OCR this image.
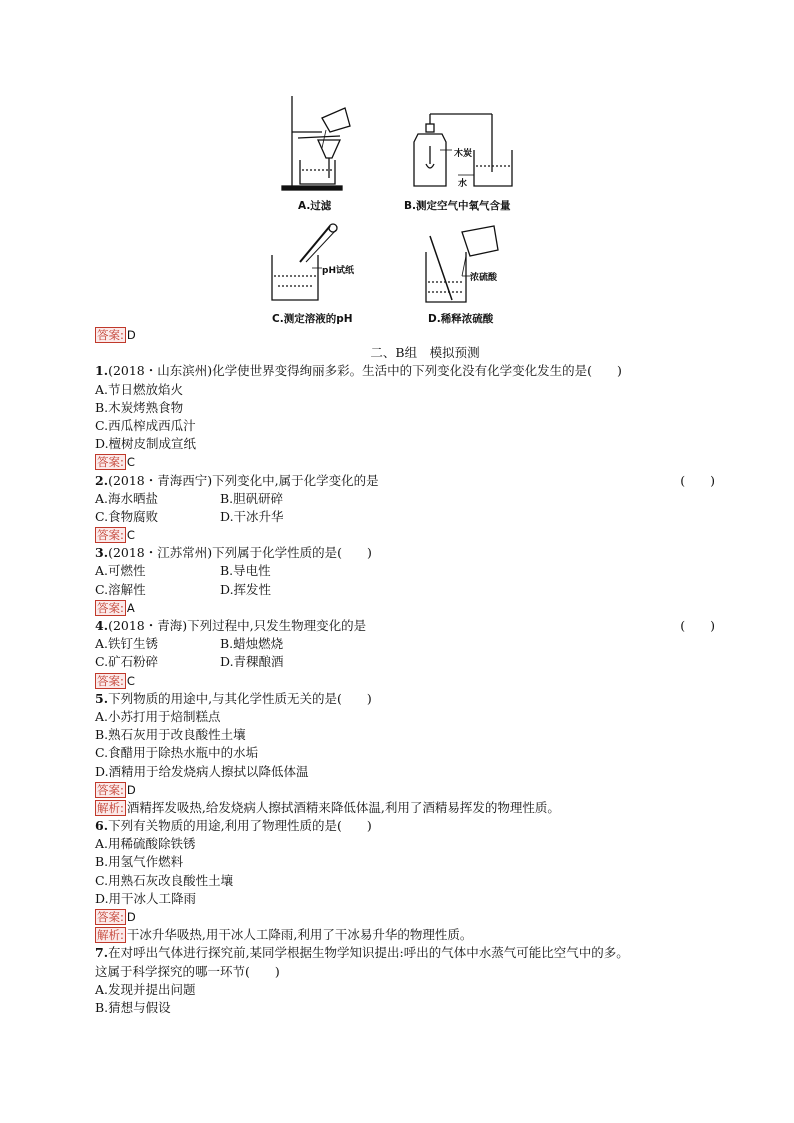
A.过滤	B.测定空气中氧气含量
木炭
水
C.测定溶液的pH
pH试纸
D.稀释浓硫酸
浓硫酸
答案: D
二、B组　模拟预测
1.(2018・山东滨州)化学使世界变得绚丽多彩。生活中的下列变化没有化学变化发生的是(　　)
A.节日燃放焰火
B.木炭烤熟食物
C.西瓜榨成西瓜汁
D.檀树皮制成宣纸
答案: C
2.(2018・青海西宁)下列变化中,属于化学变化的是	(　　)
A.海水晒盐	B.胆矾研碎
C.食物腐败	D.干冰升华
答案: C
3.(2018・江苏常州)下列属于化学性质的是(　　)
A.可燃性	B.导电性
C.溶解性	D.挥发性
答案: A
4.(2018・青海)下列过程中,只发生物理变化的是	(　　)
A.铁钉生锈	B.蜡烛燃烧
C.矿石粉碎	D.青稞酿酒
答案: C
5.下列物质的用途中,与其化学性质无关的是(　　)
A.小苏打用于焙制糕点
B.熟石灰用于改良酸性土壤
C.食醋用于除热水瓶中的水垢
D.酒精用于给发烧病人擦拭以降低体温
答案: D
解析: 酒精挥发吸热,给发烧病人擦拭酒精来降低体温,利用了酒精易挥发的物理性质。
6.下列有关物质的用途,利用了物理性质的是(　　)
A.用稀硫酸除铁锈
B.用氢气作燃料
C.用熟石灰改良酸性土壤
D.用干冰人工降雨
答案: D
解析: 干冰升华吸热,用干冰人工降雨,利用了干冰易升华的物理性质。
7.在对呼出气体进行探究前,某同学根据生物学知识提出:呼出的气体中水蒸气可能比空气中的多。
这属于科学探究的哪一环节(　　)
A.发现并提出问题
B.猜想与假设
